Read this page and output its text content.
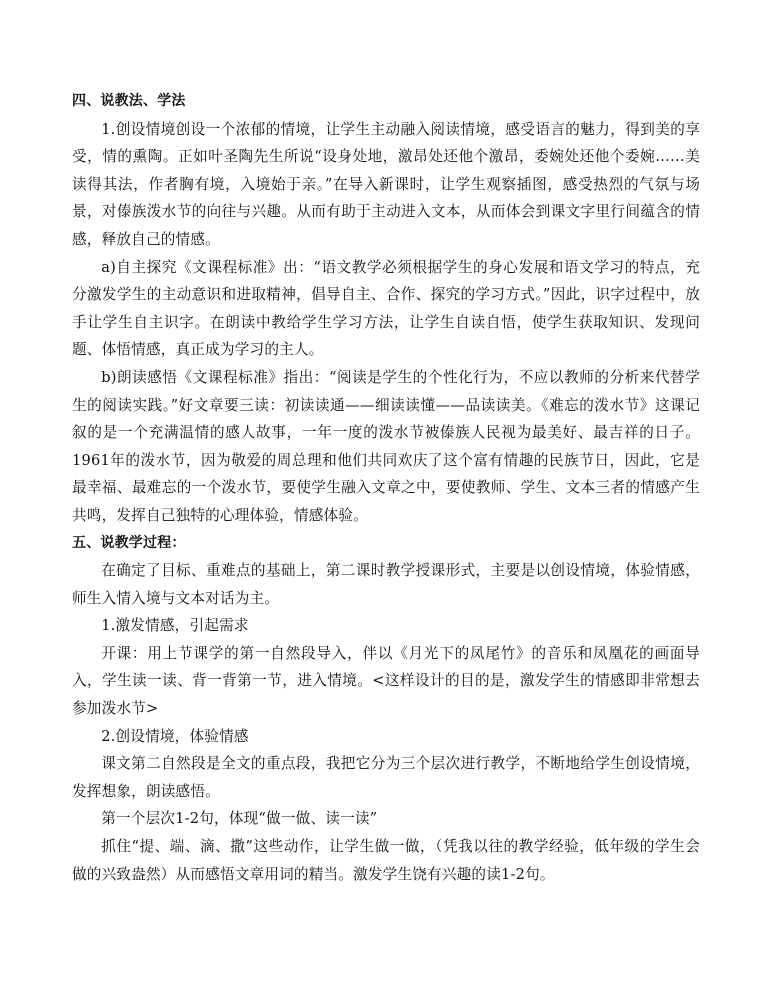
四、说教法、学法

1.创设情境创设一个浓郁的情境，让学生主动融入阅读情境，感受语言的魅力，得到美的享受，情的熏陶。正如叶圣陶先生所说“设身处地，激昂处还他个激昂，委婉处还他个委婉……美读得其法，作者胸有境，入境始于亲。”在导入新课时，让学生观察插图，感受热烈的气氛与场景，对傣族泼水节的向往与兴趣。从而有助于主动进入文本，从而体会到课文字里行间蕴含的情感，释放自己的情感。

a)自主探究《文课程标准》出：“语文教学必须根据学生的身心发展和语文学习的特点，充分激发学生的主动意识和进取精神，倡导自主、合作、探究的学习方式。”因此，识字过程中，放手让学生自主识字。在朗读中教给学生学习方法，让学生自读自悟，使学生获取知识、发现问题、体悟情感，真正成为学习的主人。

b)朗读感悟《文课程标准》指出：“阅读是学生的个性化行为，不应以教师的分析来代替学生的阅读实践。”好文章要三读：初读读通——细读读懂——品读读美。《难忘的泼水节》这课记叙的是一个充满温情的感人故事，一年一度的泼水节被傣族人民视为最美好、最吉祥的日子。1961年的泼水节，因为敬爱的周总理和他们共同欢庆了这个富有情趣的民族节日，因此，它是最幸福、最难忘的一个泼水节，要使学生融入文章之中，要使教师、学生、文本三者的情感产生共鸣，发挥自己独特的心理体验，情感体验。

五、说教学过程：

在确定了目标、重难点的基础上，第二课时教学授课形式，主要是以创设情境，体验情感，师生入情入境与文本对话为主。

1.激发情感，引起需求

开课：用上节课学的第一自然段导入，伴以《月光下的凤尾竹》的音乐和凤凰花的画面导入，学生读一读、背一背第一节，进入情境。<这样设计的目的是，激发学生的情感即非常想去参加泼水节>

2.创设情境，体验情感

课文第二自然段是全文的重点段，我把它分为三个层次进行教学，不断地给学生创设情境，发挥想象，朗读感悟。

第一个层次1-2句，体现“做一做、读一读”

抓住“提、端、滴、撒”这些动作，让学生做一做，（凭我以往的教学经验，低年级的学生会做的兴致盎然）从而感悟文章用词的精当。激发学生饶有兴趣的读1-2句。
